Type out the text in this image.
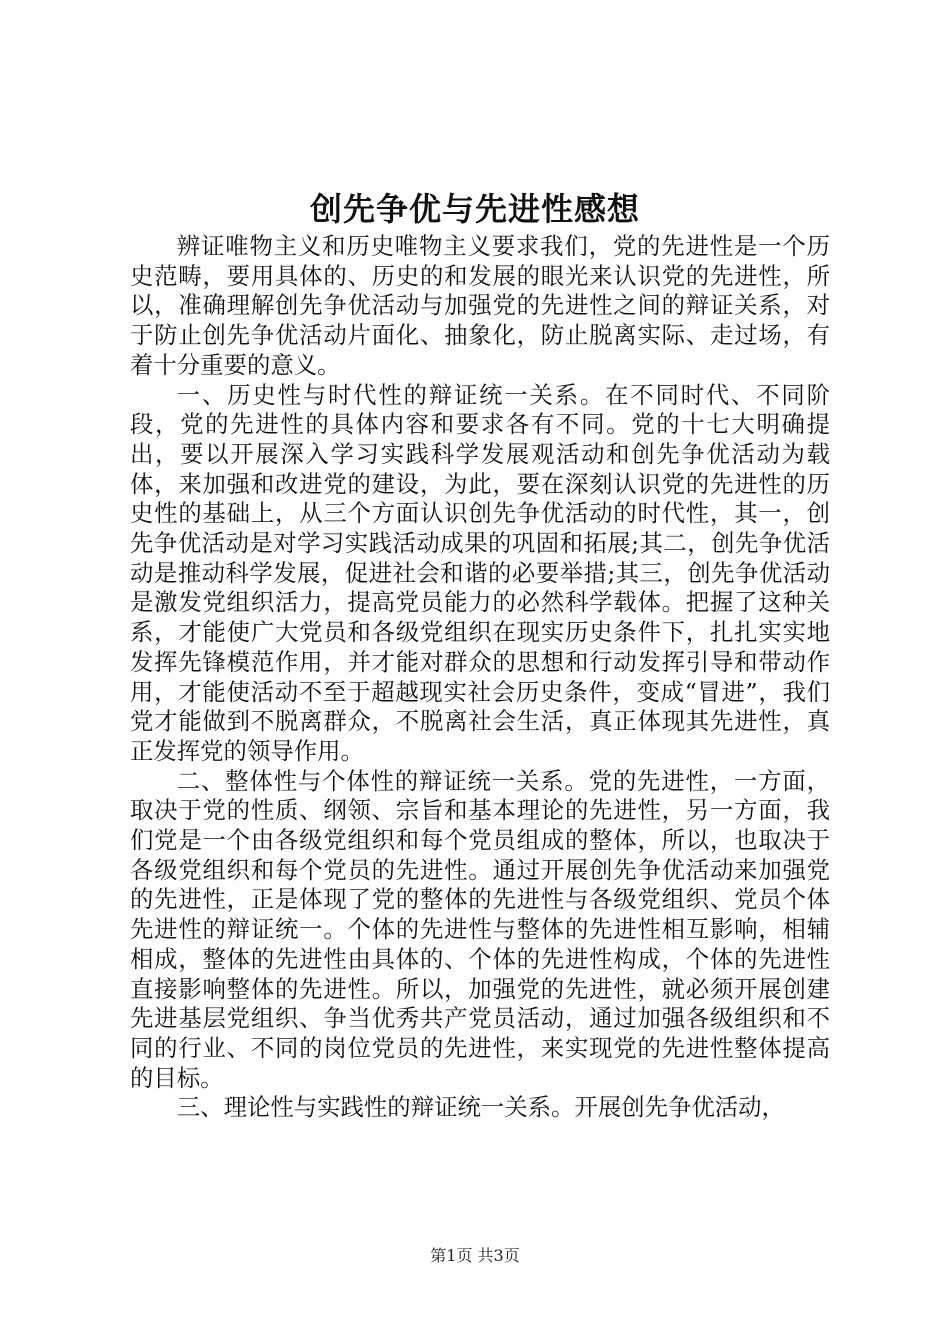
创先争优与先进性感想

辨证唯物主义和历史唯物主义要求我们，党的先进性是一个历史范畴，要用具体的、历史的和发展的眼光来认识党的先进性，所以，准确理解创先争优活动与加强党的先进性之间的辩证关系，对于防止创先争优活动片面化、抽象化，防止脱离实际、走过场，有着十分重要的意义。

一、历史性与时代性的辩证统一关系。在不同时代、不同阶段，党的先进性的具体内容和要求各有不同。党的十七大明确提出，要以开展深入学习实践科学发展观活动和创先争优活动为载体，来加强和改进党的建设，为此，要在深刻认识党的先进性的历史性的基础上，从三个方面认识创先争优活动的时代性，其一，创先争优活动是对学习实践活动成果的巩固和拓展;其二，创先争优活动是推动科学发展，促进社会和谐的必要举措;其三，创先争优活动是激发党组织活力，提高党员能力的必然科学载体。把握了这种关系，才能使广大党员和各级党组织在现实历史条件下，扎扎实实地发挥先锋模范作用，并才能对群众的思想和行动发挥引导和带动作用，才能使活动不至于超越现实社会历史条件，变成“冒进”，我们党才能做到不脱离群众，不脱离社会生活，真正体现其先进性，真正发挥党的领导作用。

二、整体性与个体性的辩证统一关系。党的先进性，一方面，取决于党的性质、纲领、宗旨和基本理论的先进性，另一方面，我们党是一个由各级党组织和每个党员组成的整体，所以，也取决于各级党组织和每个党员的先进性。通过开展创先争优活动来加强党的先进性，正是体现了党的整体的先进性与各级党组织、党员个体先进性的辩证统一。个体的先进性与整体的先进性相互影响，相辅相成，整体的先进性由具体的、个体的先进性构成，个体的先进性直接影响整体的先进性。所以，加强党的先进性，就必须开展创建先进基层党组织、争当优秀共产党员活动，通过加强各级组织和不同的行业、不同的岗位党员的先进性，来实现党的先进性整体提高的目标。

三、理论性与实践性的辩证统一关系。开展创先争优活动，

第1页 共3页
